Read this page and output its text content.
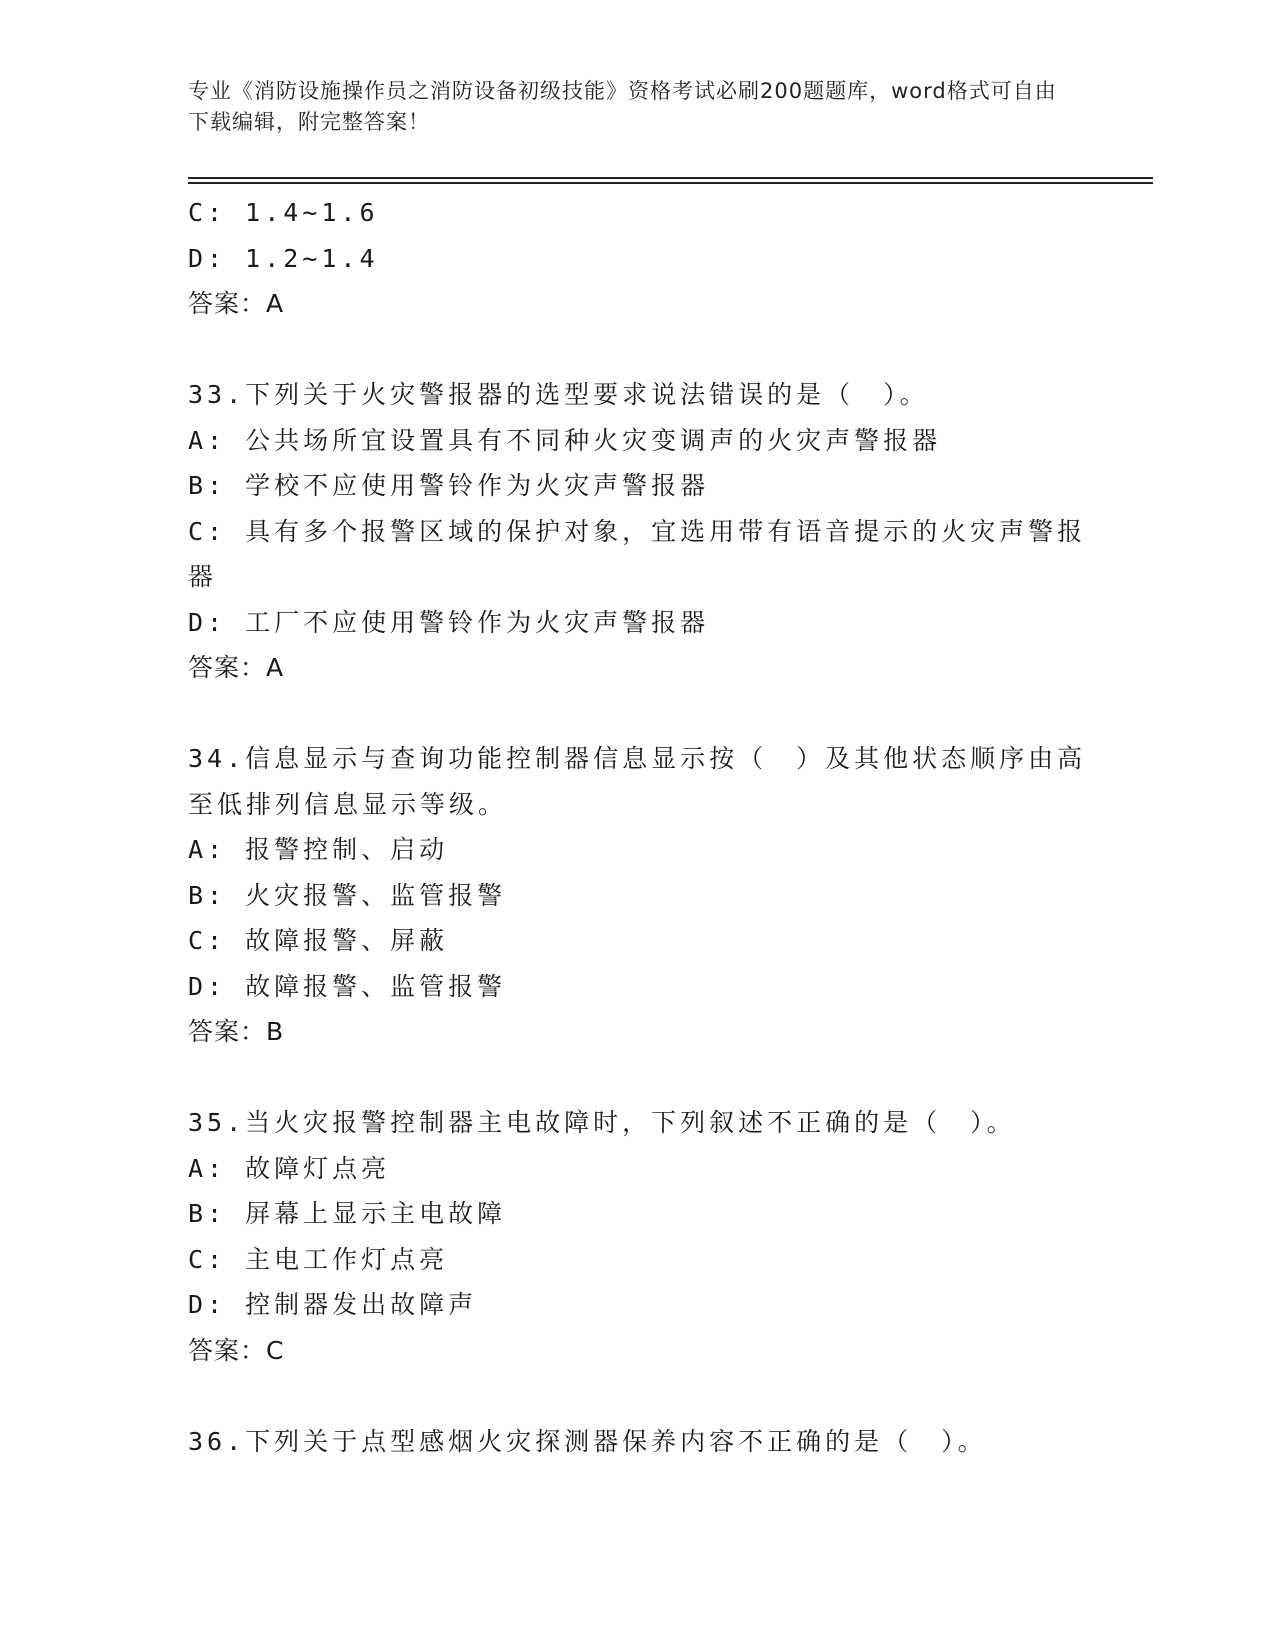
专业《消防设施操作员之消防设备初级技能》资格考试必刷200题题库，word格式可自由下载编辑，附完整答案！
C: 1.4~1.6
D: 1.2~1.4
答案：A
33.下列关于火灾警报器的选型要求说法错误的是（　）。
A: 公共场所宜设置具有不同种火灾变调声的火灾声警报器
B: 学校不应使用警铃作为火灾声警报器
C: 具有多个报警区域的保护对象，宜选用带有语音提示的火灾声警报器
D: 工厂不应使用警铃作为火灾声警报器
答案：A
34.信息显示与查询功能控制器信息显示按（　）及其他状态顺序由高至低排列信息显示等级。
A: 报警控制、启动
B: 火灾报警、监管报警
C: 故障报警、屏蔽
D: 故障报警、监管报警
答案：B
35.当火灾报警控制器主电故障时，下列叙述不正确的是（　）。
A: 故障灯点亮
B: 屏幕上显示主电故障
C: 主电工作灯点亮
D: 控制器发出故障声
答案：C
36.下列关于点型感烟火灾探测器保养内容不正确的是（　）。
